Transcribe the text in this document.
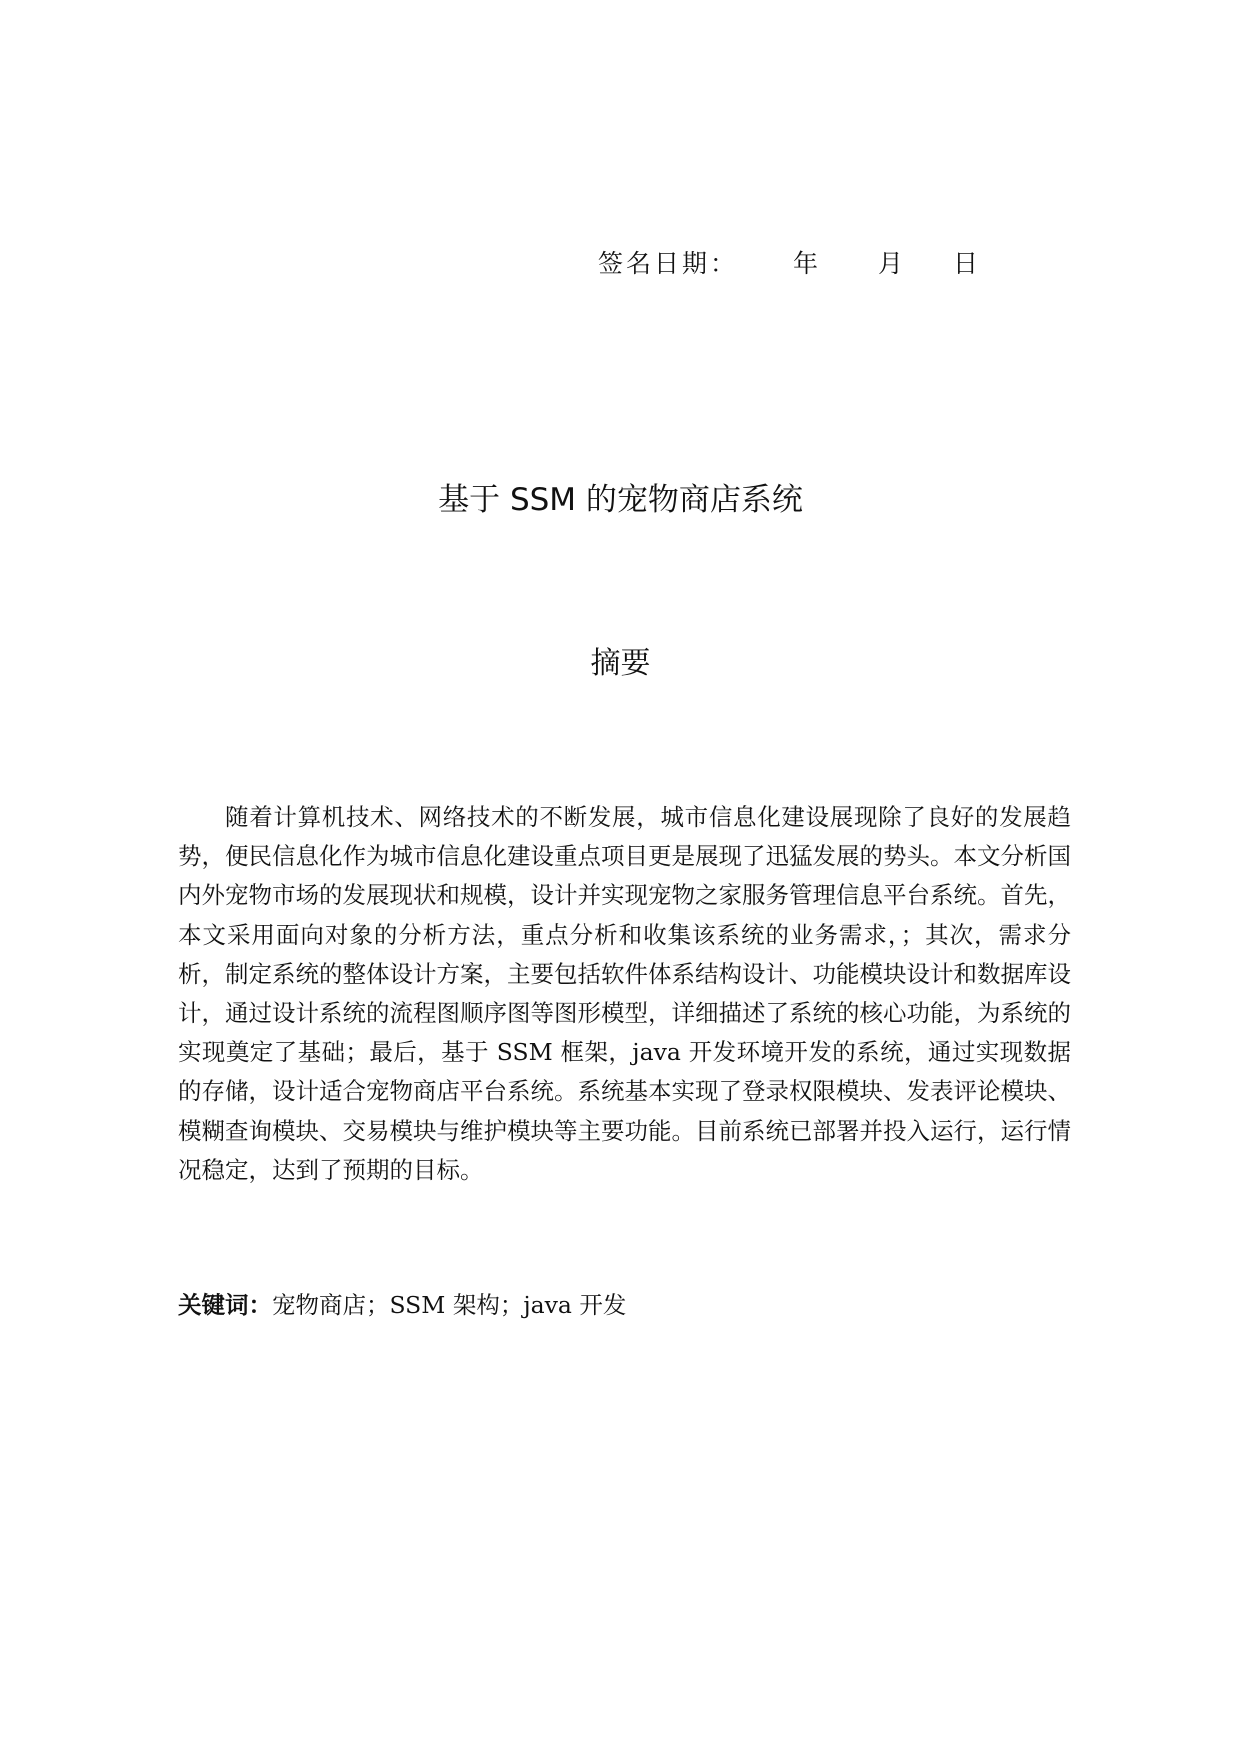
签名日期： 年 月 日
基于 SSM 的宠物商店系统
摘要

随着计算机技术、网络技术的不断发展，城市信息化建设展现除了良好的发展趋势，便民信息化作为城市信息化建设重点项目更是展现了迅猛发展的势头。本文分析国内外宠物市场的发展现状和规模，设计并实现宠物之家服务管理信息平台系统。首先，本文采用面向对象的分析方法，重点分析和收集该系统的业务需求，；其次，需求分析，制定系统的整体设计方案，主要包括软件体系结构设计、功能模块设计和数据库设计，通过设计系统的流程图顺序图等图形模型，详细描述了系统的核心功能，为系统的实现奠定了基础；最后，基于 SSM 框架，java 开发环境开发的系统，通过实现数据的存储，设计适合宠物商店平台系统。系统基本实现了登录权限模块、发表评论模块、模糊查询模块、交易模块与维护模块等主要功能。目前系统已部署并投入运行，运行情况稳定，达到了预期的目标。

关键词：宠物商店；SSM 架构；java 开发
